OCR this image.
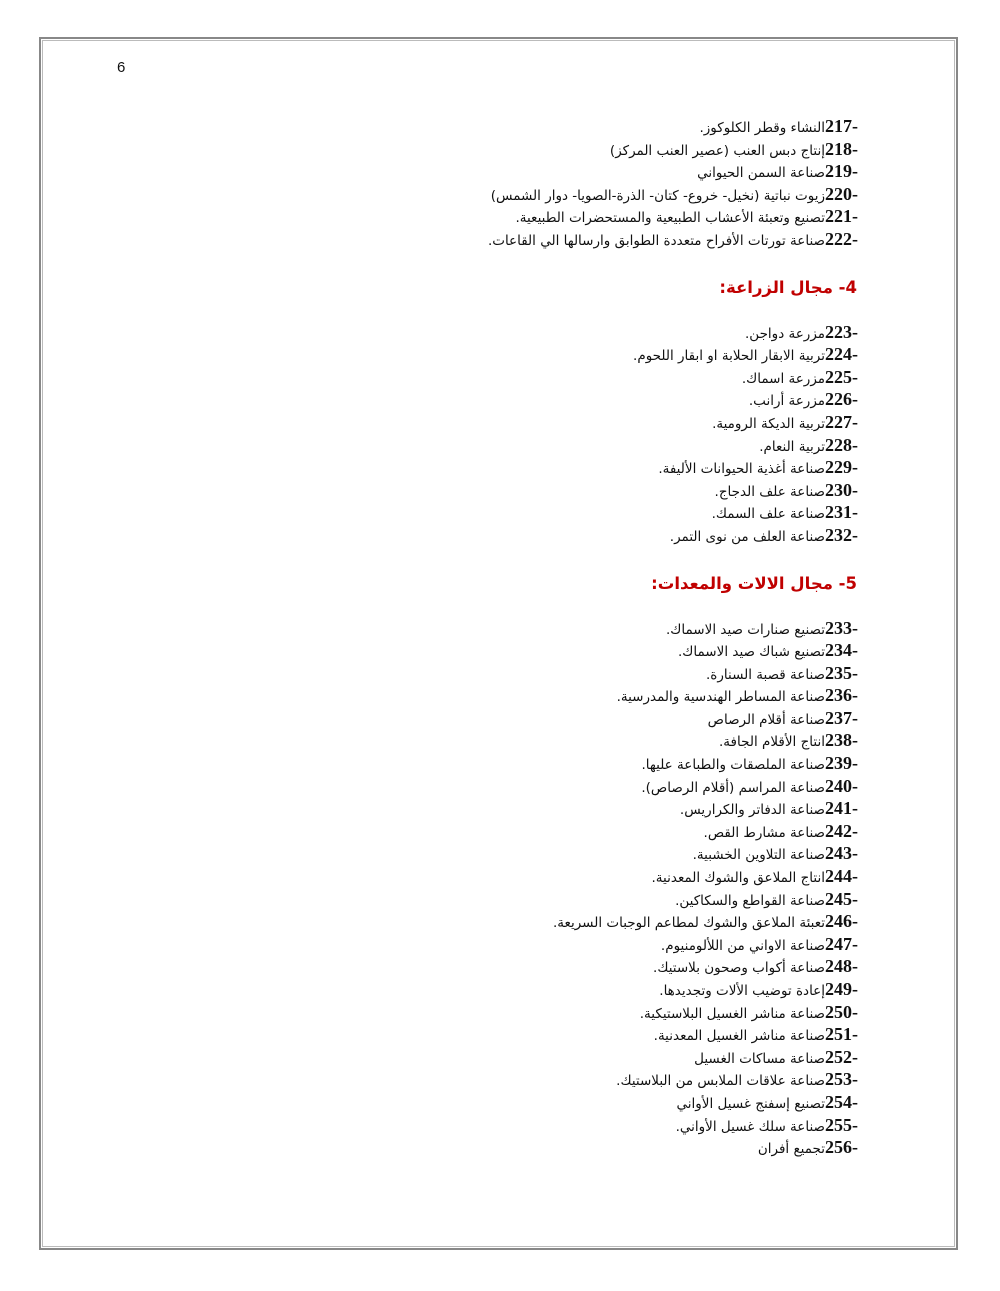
6
217-
النشاء وقطر الكلوكوز.
218-
إنتاج دبس العنب (عصير العنب المركز)
219-
صناعة السمن الحيواني
220-
زيوت نباتية (نخيل- خروع- كتان- الذرة-الصويا- دوار الشمس)
221-
تصنيع وتعبئة الأعشاب الطبيعية والمستحضرات الطبيعية.
222-
صناعة تورتات الأفراح متعددة الطوابق وارسالها الي القاعات.
4- مجال الزراعة:
223-
مزرعة دواجن.
224-
تربية الابقار الحلابة او ابقار اللحوم.
225-
مزرعة اسماك.
226-
مزرعة أرانب.
227-
تربية الديكة الرومية.
228-
تربية النعام.
229-
صناعة أغذية الحيوانات الأليفة.
230-
صناعة علف الدجاج.
231-
صناعة علف السمك.
232-
صناعة العلف من نوى التمر.
5- مجال الالات والمعدات:
233-
تصنيع صنارات صيد الاسماك.
234-
تصنيع شباك صيد الاسماك.
235-
صناعة قصبة السنارة.
236-
صناعة المساطر الهندسية والمدرسية.
237-
صناعة أقلام الرصاص
238-
انتاج الأقلام الجافة.
239-
صناعة الملصقات والطباعة عليها.
240-
صناعة المراسم (أقلام الرصاص).
241-
صناعة الدفاتر والكراريس.
242-
صناعة مشارط القص.
243-
صناعة التلاوين الخشبية.
244-
انتاج الملاعق والشوك المعدنية.
245-
صناعة القواطع والسكاكين.
246-
تعبئة الملاعق والشوك لمطاعم الوجبات السريعة.
247-
صناعة الاواني من اللألومنيوم.
248-
صناعة أكواب وصحون بلاستيك.
249-
إعادة توضيب الألات وتجديدها.
250-
صناعة مناشر الغسيل البلاستيكية.
251-
صناعة مناشر الغسيل المعدنية.
252-
صناعة مساكات الغسيل
253-
صناعة علاقات الملابس من البلاستيك.
254-
تصنيع إسفنج غسيل الأواني
255-
صناعة سلك غسيل الأواني.
256-
تجميع أفران
